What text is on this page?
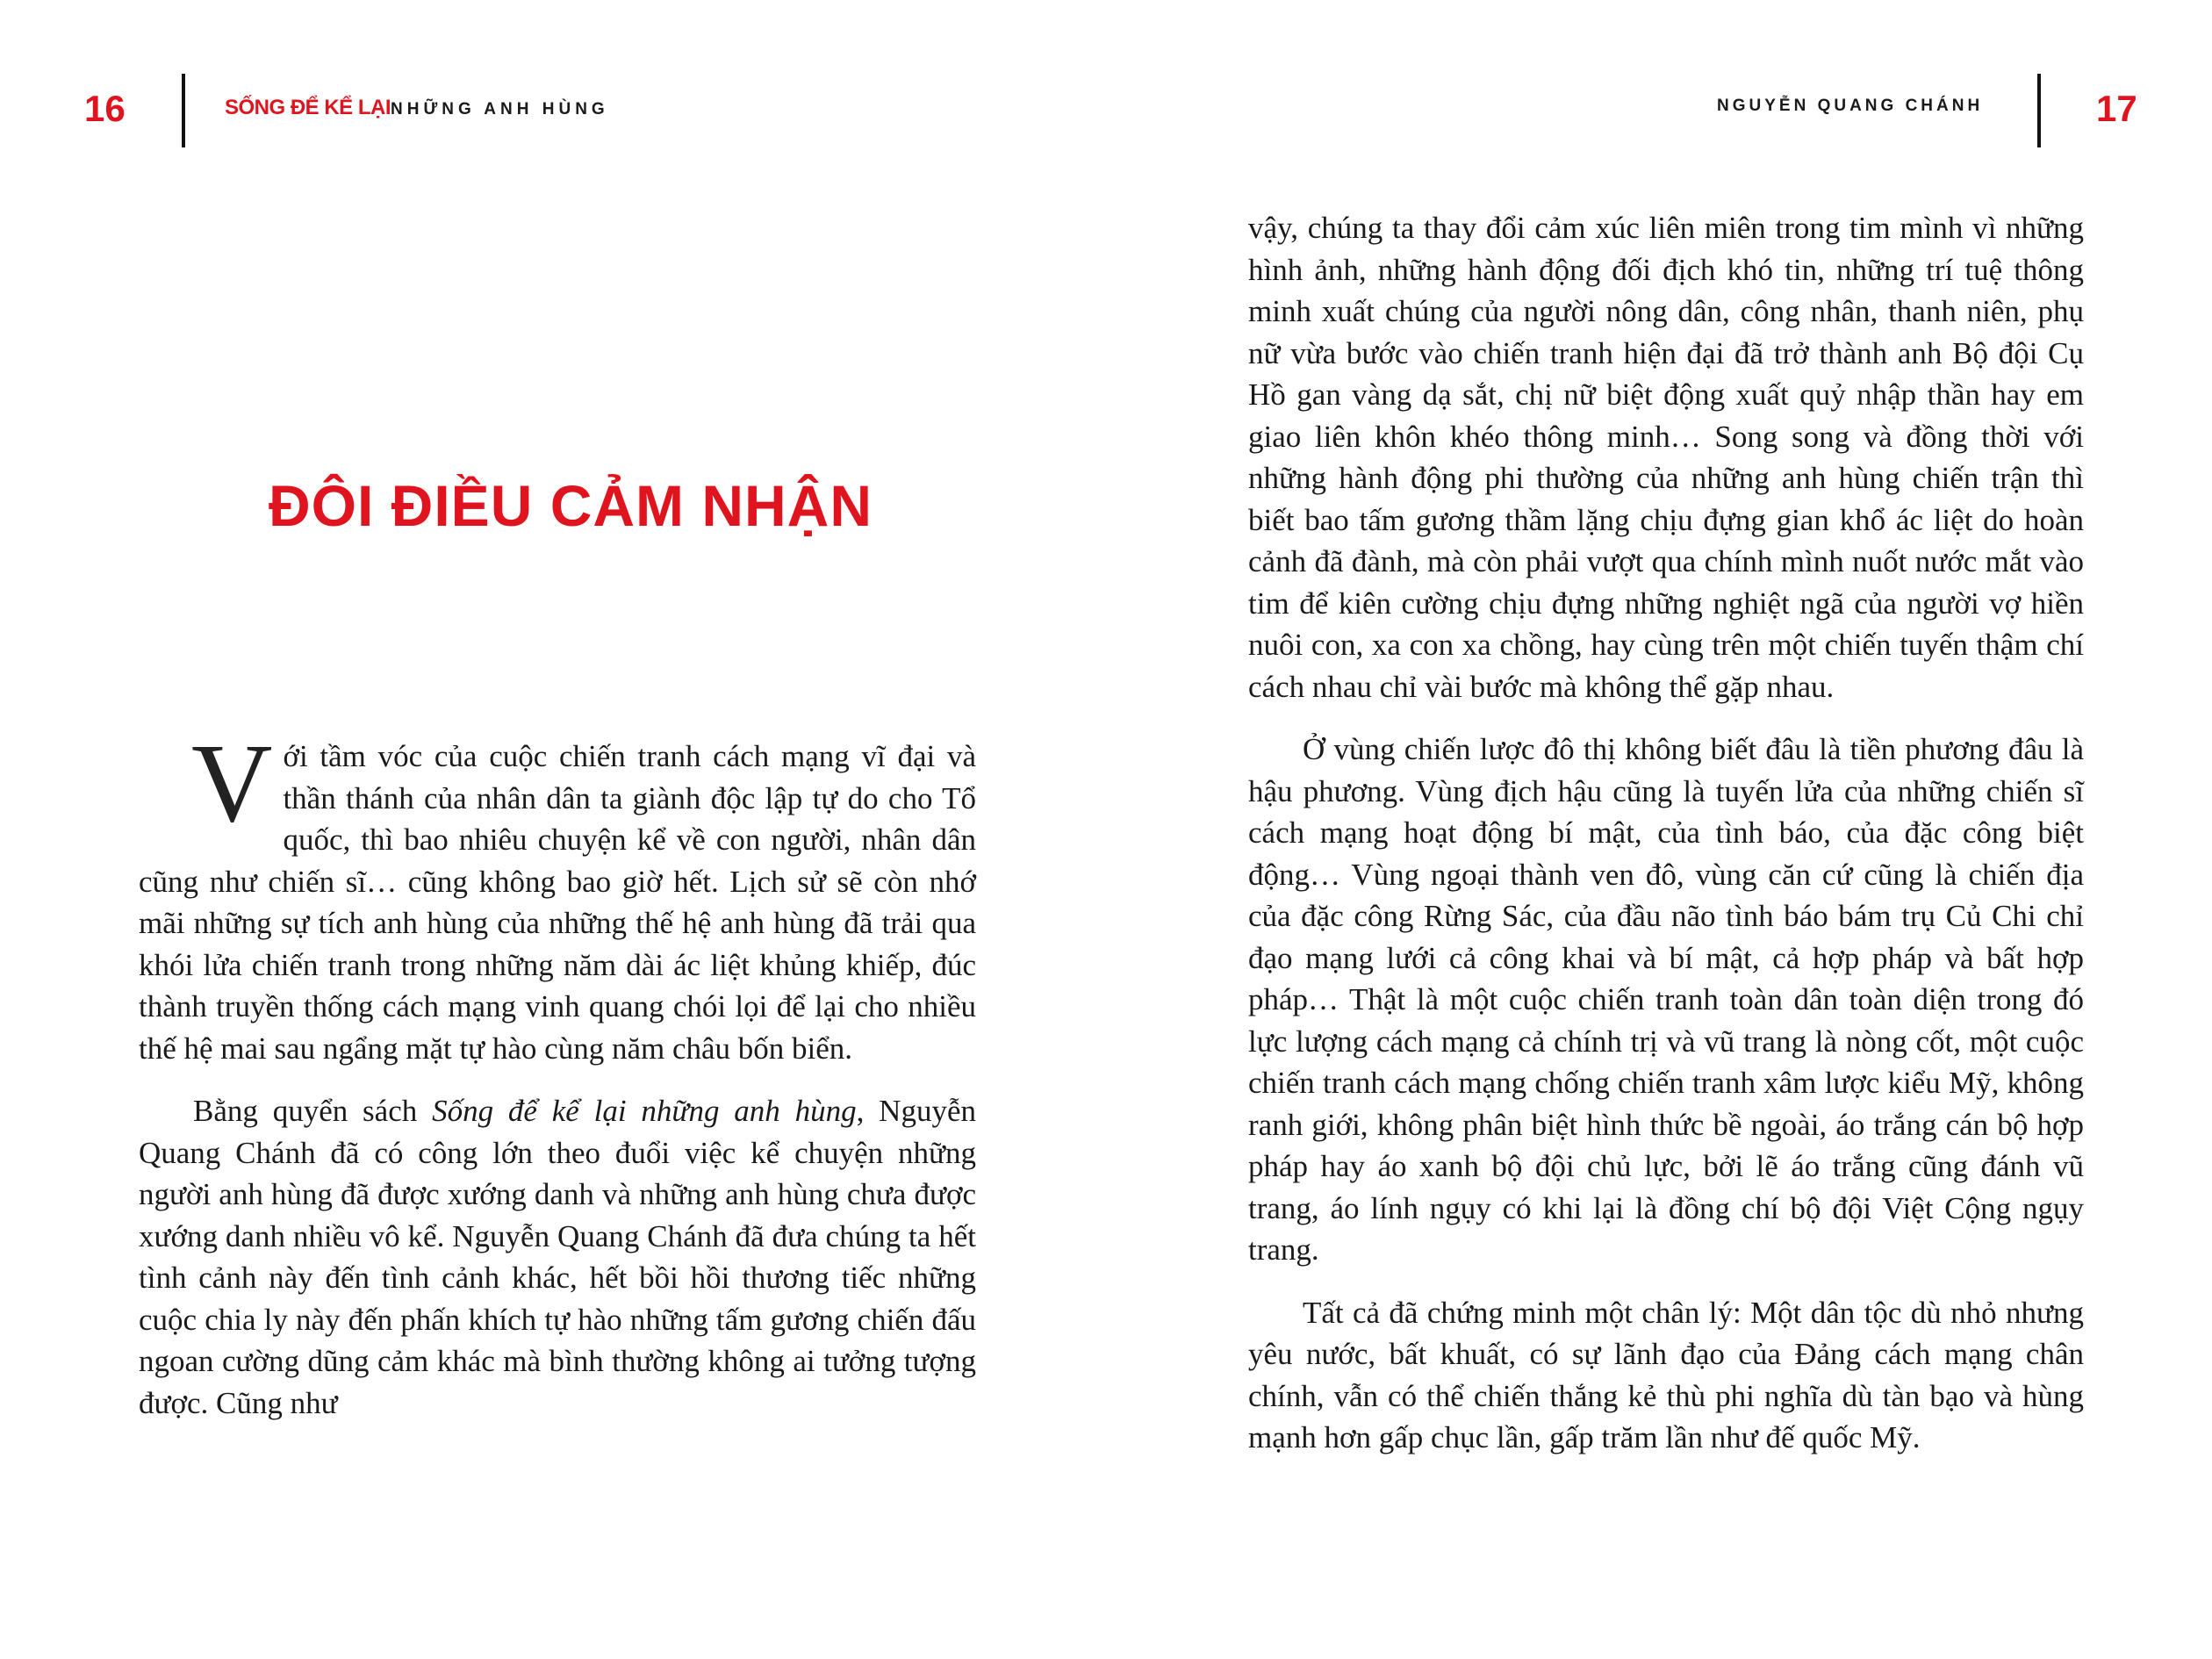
16	SỐNG ĐỂ KỂ LẠINHỮNG ANH HÙNG
ĐÔI ĐIỀU CẢM NHẬN

Với tầm vóc của cuộc chiến tranh cách mạng vĩ đại và thần thánh của nhân dân ta giành độc lập tự do cho Tổ quốc, thì bao nhiêu chuyện kể về con người, nhân dân cũng như chiến sĩ… cũng không bao giờ hết. Lịch sử sẽ còn nhớ mãi những sự tích anh hùng của những thế hệ anh hùng đã trải qua khói lửa chiến tranh trong những năm dài ác liệt khủng khiếp, đúc thành truyền thống cách mạng vinh quang chói lọi để lại cho nhiều thế hệ mai sau ngẩng mặt tự hào cùng năm châu bốn biển.

Bằng quyển sách Sống để kể lại những anh hùng, Nguyễn Quang Chánh đã có công lớn theo đuổi việc kể chuyện những người anh hùng đã được xướng danh và những anh hùng chưa được xướng danh nhiều vô kể. Nguyễn Quang Chánh đã đưa chúng ta hết tình cảnh này đến tình cảnh khác, hết bồi hồi thương tiếc những cuộc chia ly này đến phấn khích tự hào những tấm gương chiến đấu ngoan cường dũng cảm khác mà bình thường không ai tưởng tượng được. Cũng như

NGUYỄN QUANG CHÁNH	17

vậy, chúng ta thay đổi cảm xúc liên miên trong tim mình vì những hình ảnh, những hành động đối địch khó tin, những trí tuệ thông minh xuất chúng của người nông dân, công nhân, thanh niên, phụ nữ vừa bước vào chiến tranh hiện đại đã trở thành anh Bộ đội Cụ Hồ gan vàng dạ sắt, chị nữ biệt động xuất quỷ nhập thần hay em giao liên khôn khéo thông minh… Song song và đồng thời với những hành động phi thường của những anh hùng chiến trận thì biết bao tấm gương thầm lặng chịu đựng gian khổ ác liệt do hoàn cảnh đã đành, mà còn phải vượt qua chính mình nuốt nước mắt vào tim để kiên cường chịu đựng những nghiệt ngã của người vợ hiền nuôi con, xa con xa chồng, hay cùng trên một chiến tuyến thậm chí cách nhau chỉ vài bước mà không thể gặp nhau.

Ở vùng chiến lược đô thị không biết đâu là tiền phương đâu là hậu phương. Vùng địch hậu cũng là tuyến lửa của những chiến sĩ cách mạng hoạt động bí mật, của tình báo, của đặc công biệt động… Vùng ngoại thành ven đô, vùng căn cứ cũng là chiến địa của đặc công Rừng Sác, của đầu não tình báo bám trụ Củ Chi chỉ đạo mạng lưới cả công khai và bí mật, cả hợp pháp và bất hợp pháp… Thật là một cuộc chiến tranh toàn dân toàn diện trong đó lực lượng cách mạng cả chính trị và vũ trang là nòng cốt, một cuộc chiến tranh cách mạng chống chiến tranh xâm lược kiểu Mỹ, không ranh giới, không phân biệt hình thức bề ngoài, áo trắng cán bộ hợp pháp hay áo xanh bộ đội chủ lực, bởi lẽ áo trắng cũng đánh vũ trang, áo lính ngụy có khi lại là đồng chí bộ đội Việt Cộng ngụy trang.

Tất cả đã chứng minh một chân lý: Một dân tộc dù nhỏ nhưng yêu nước, bất khuất, có sự lãnh đạo của Đảng cách mạng chân chính, vẫn có thể chiến thắng kẻ thù phi nghĩa dù tàn bạo và hùng mạnh hơn gấp chục lần, gấp trăm lần như đế quốc Mỹ.
